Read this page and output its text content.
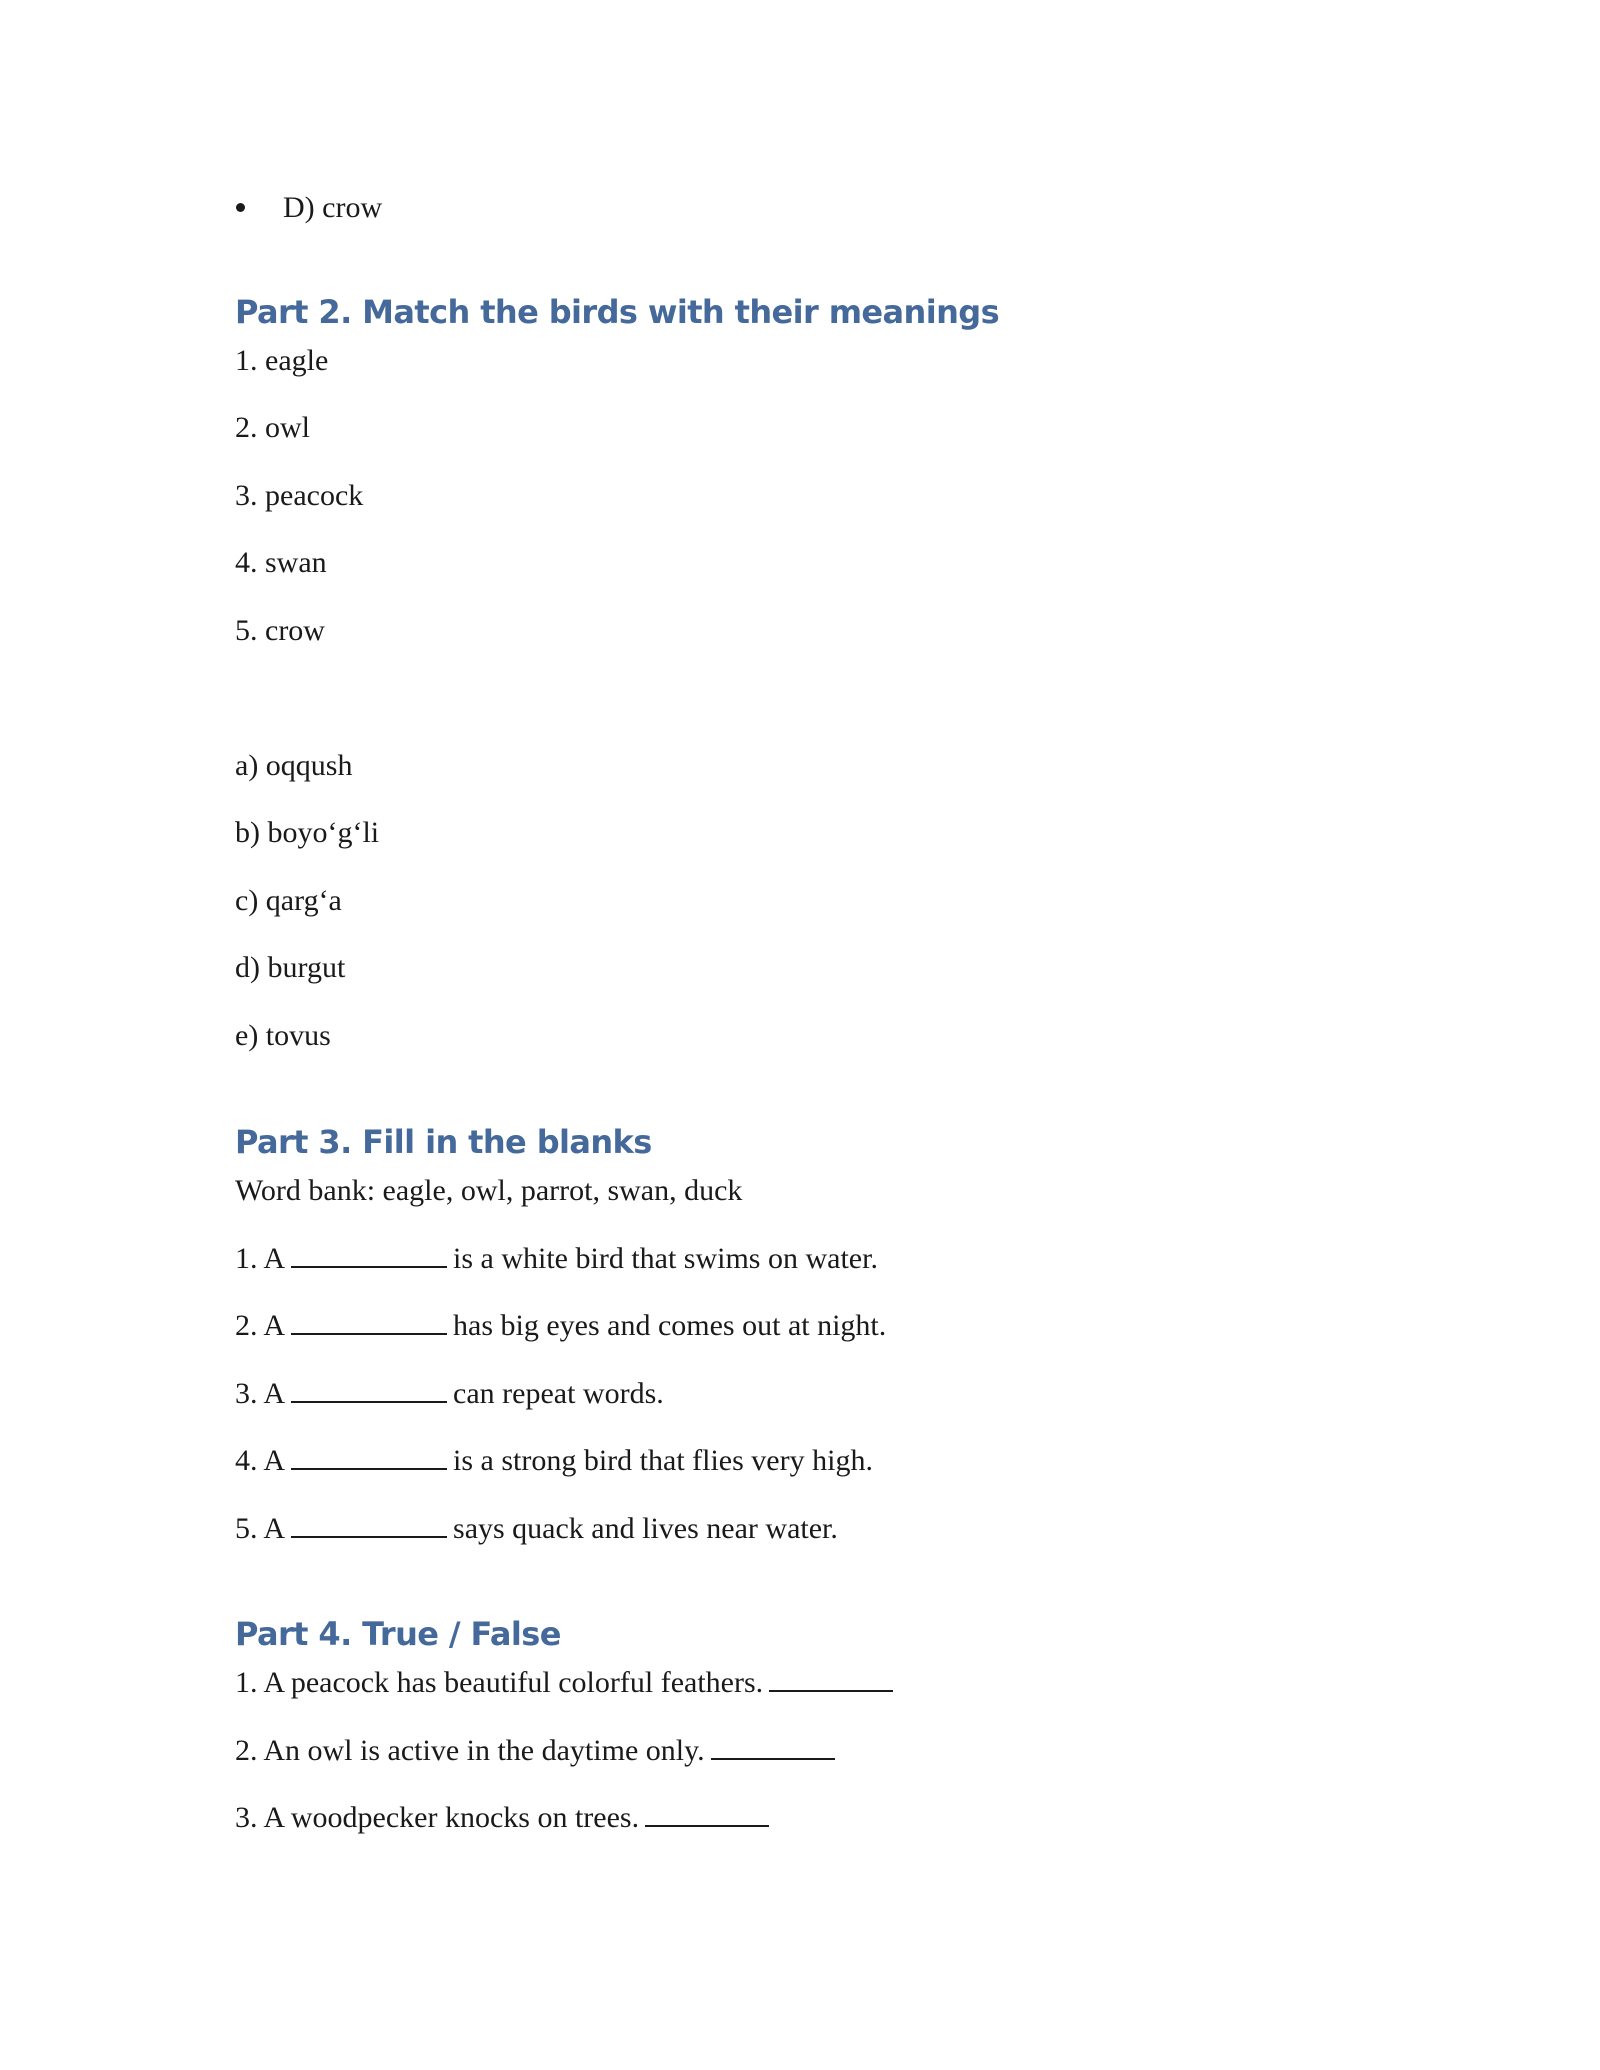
D) crow
Part 2. Match the birds with their meanings
1. eagle
2. owl
3. peacock
4. swan
5. crow
a) oqqush
b) boyo‘g‘li
c) qarg‘a
d) burgut
e) tovus
Part 3. Fill in the blanks
Word bank: eagle, owl, parrot, swan, duck
1. A	is a white bird that swims on water.
2. A	has big eyes and comes out at night.
3. A	can repeat words.
4. A	is a strong bird that flies very high.
5. A	says quack and lives near water.
Part 4. True / False
1. A peacock has beautiful colorful feathers.
2. An owl is active in the daytime only.
3. A woodpecker knocks on trees.
